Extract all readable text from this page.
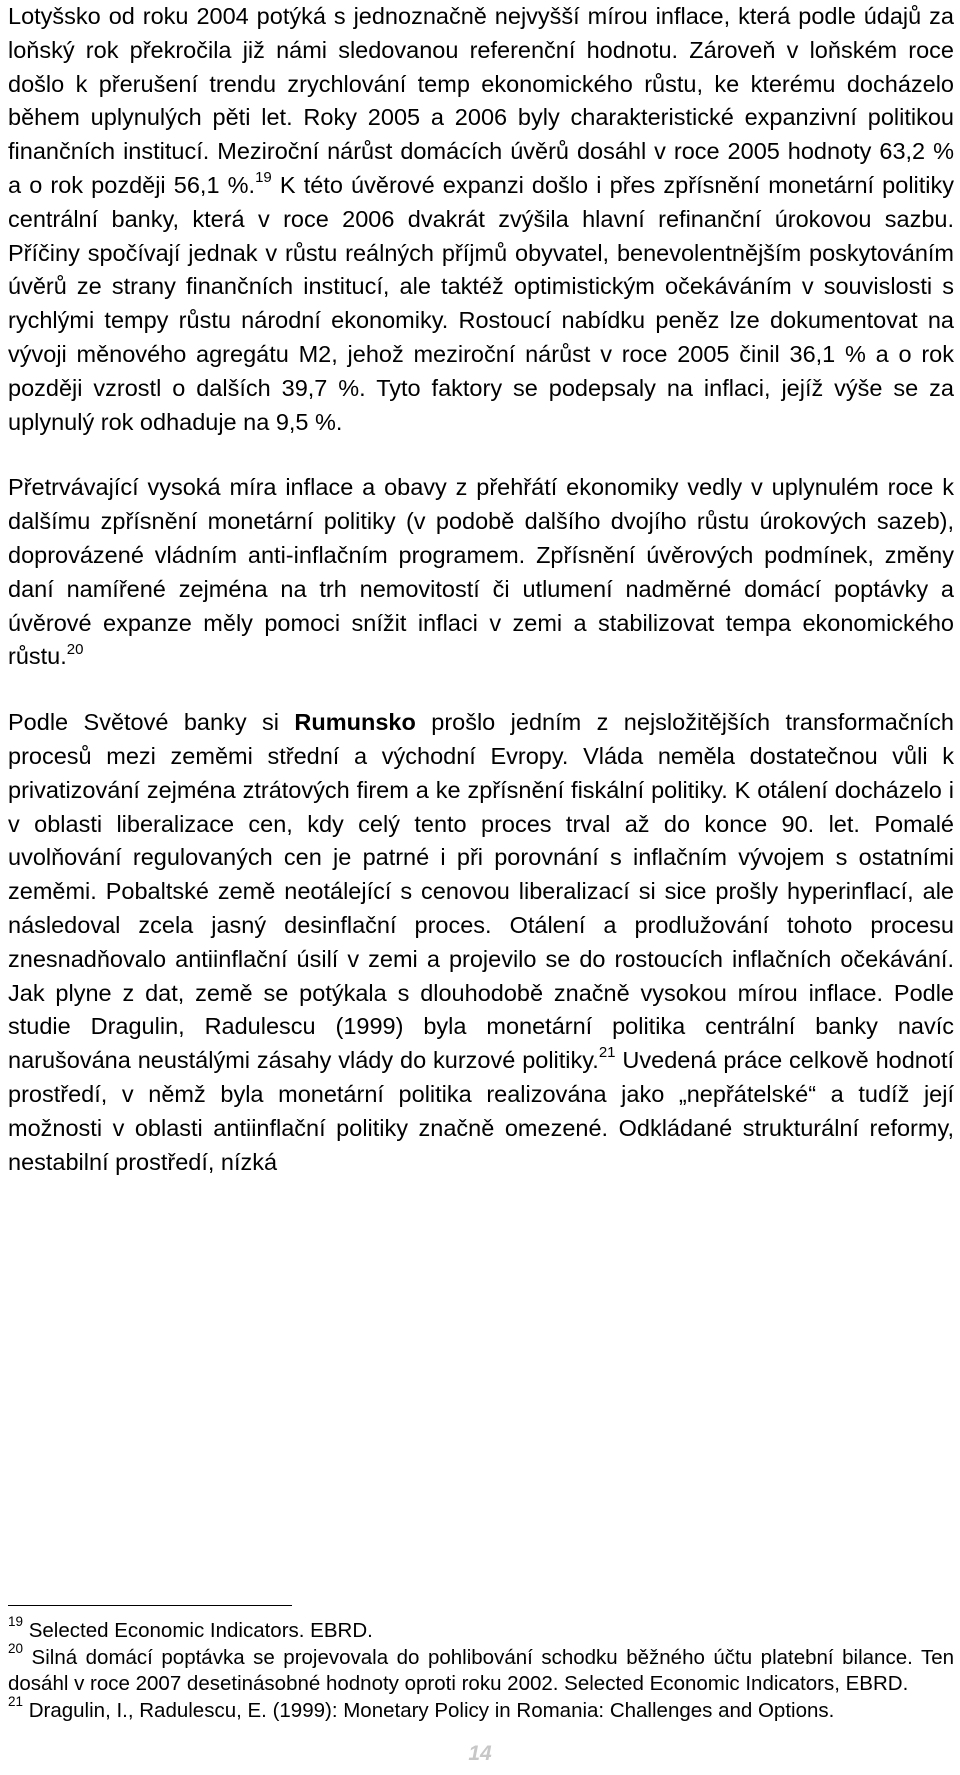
Lotyšsko od roku 2004 potýká s jednoznačně nejvyšší mírou inflace, která podle údajů za loňský rok překročila již námi sledovanou referenční hodnotu. Zároveň v loňském roce došlo k přerušení trendu zrychlování temp ekonomického růstu, ke kterému docházelo během uplynulých pěti let. Roky 2005 a 2006 byly charakteristické expanzivní politikou finančních institucí. Meziroční nárůst domácích úvěrů dosáhl v roce 2005 hodnoty 63,2 % a o rok později 56,1 %.$^{19}$ K této úvěrové expanzi došlo i přes zpřísnění monetární politiky centrální banky, která v roce 2006 dvakrát zvýšila hlavní refinanční úrokovou sazbu. Příčiny spočívají jednak v růstu reálných příjmů obyvatel, benevolentnějším poskytováním úvěrů ze strany finančních institucí, ale taktéž optimistickým očekáváním v souvislosti s rychlými tempy růstu národní ekonomiky. Rostoucí nabídku peněz lze dokumentovat na vývoji měnového agregátu M2, jehož meziroční nárůst v roce 2005 činil 36,1 % a o rok později vzrostl o dalších 39,7 %. Tyto faktory se podepsaly na inflaci, jejíž výše se za uplynulý rok odhaduje na 9,5 %.

Přetrvávající vysoká míra inflace a obavy z přehřátí ekonomiky vedly v uplynulém roce k dalšímu zpřísnění monetární politiky (v podobě dalšího dvojího růstu úrokových sazeb), doprovázené vládním anti-inflačním programem. Zpřísnění úvěrových podmínek, změny daní namířené zejména na trh nemovitostí či utlumení nadměrné domácí poptávky a úvěrové expanze měly pomoci snížit inflaci v zemi a stabilizovat tempa ekonomického růstu.$^{20}$

Podle Světové banky si Rumunsko prošlo jedním z nejsložitějších transformačních procesů mezi zeměmi střední a východní Evropy. Vláda neměla dostatečnou vůli k privatizování zejména ztrátových firem a ke zpřísnění fiskální politiky. K otálení docházelo i v oblasti liberalizace cen, kdy celý tento proces trval až do konce 90. let. Pomalé uvolňování regulovaných cen je patrné i při porovnání s inflačním vývojem s ostatními zeměmi. Pobaltské země neotálející s cenovou liberalizací si sice prošly hyperinflací, ale následoval zcela jasný desinflační proces. Otálení a prodlužování tohoto procesu znesnadňovalo antiinflační úsilí v zemi a projevilo se do rostoucích inflačních očekávání. Jak plyne z dat, země se potýkala s dlouhodobě značně vysokou mírou inflace. Podle studie Dragulin, Radulescu (1999) byla monetární politika centrální banky navíc narušována neustálými zásahy vlády do kurzové politiky.$^{21}$ Uvedená práce celkově hodnotí prostředí, v němž byla monetární politika realizována jako „nepřátelské“ a tudíž její možnosti v oblasti antiinflační politiky značně omezené. Odkládané strukturální reformy, nestabilní prostředí, nízká

$^{19}$ Selected Economic Indicators. EBRD.

$^{20}$ Silná domácí poptávka se projevovala do pohlibování schodku běžného účtu platební bilance. Ten dosáhl v roce 2007 desetinásobné hodnoty oproti roku 2002. Selected Economic Indicators, EBRD.

$^{21}$ Dragulin, I., Radulescu, E. (1999): Monetary Policy in Romania: Challenges and Options.

14
